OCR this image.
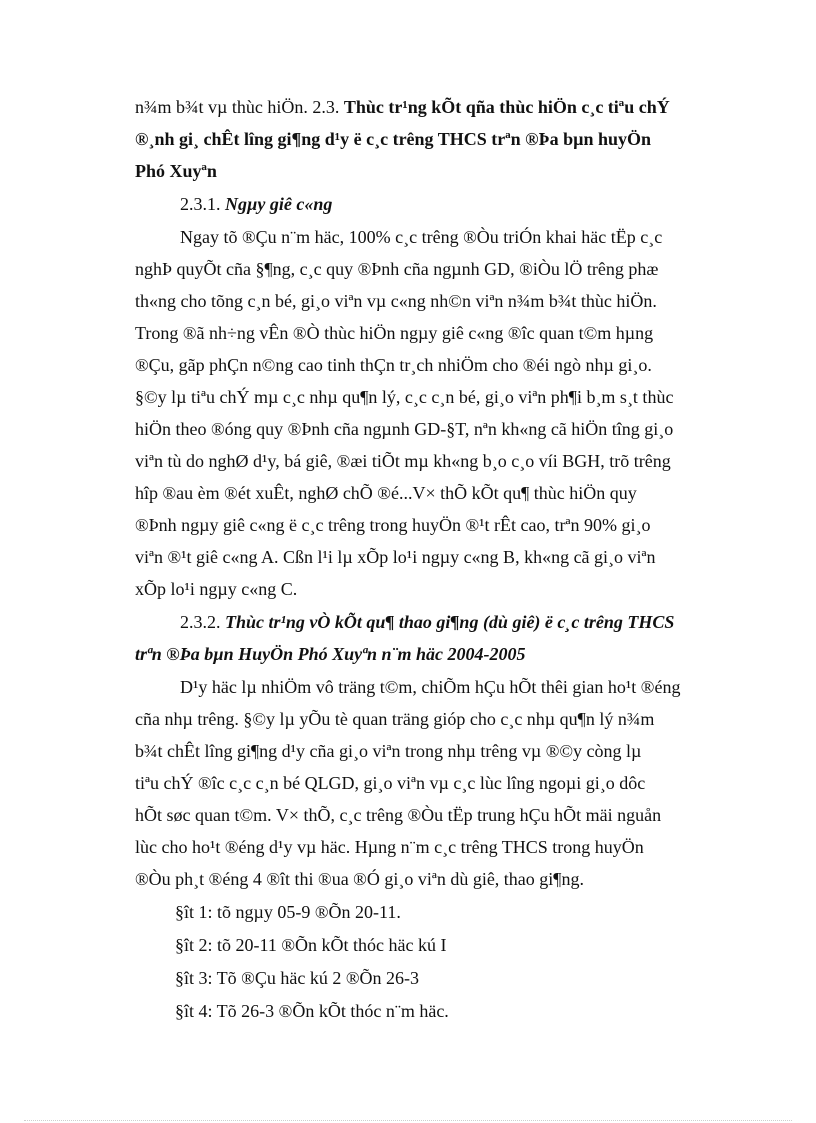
n¾m b¾t vµ thùc hiÖn. 2.3. Thùc tr¹ng kÕt qña thùc hiÖn c¸c tiªu chÝ
®¸nh gi¸ chÊt lîng gi¶ng d¹y ë c¸c trêng THCS trªn ®Þa bµn huyÖn
Phó Xuyªn
2.3.1. Ngµy giê c«ng
Ngay tõ ®Çu n¨m häc, 100% c¸c trêng ®Òu triÓn khai häc tËp c¸c
nghÞ quyÕt cña §¶ng, c¸c quy ®Þnh cña ngµnh GD, ®iÒu lÖ trêng phæ
th«ng cho tõng c¸n bé, gi¸o viªn vµ c«ng nh©n viªn n¾m b¾t thùc hiÖn.
Trong ®ã nh÷ng vÊn ®Ò thùc hiÖn ngµy giê c«ng ®îc quan t©m hµng
®Çu, gãp phÇn n©ng cao tinh thÇn tr¸ch nhiÖm cho ®éi ngò nhµ gi¸o.
§©y lµ tiªu chÝ mµ c¸c nhµ qu¶n lý, c¸c c¸n bé, gi¸o viªn ph¶i b¸m s¸t thùc
hiÖn theo ®óng quy ®Þnh cña ngµnh GD-§T, nªn kh«ng cã hiÖn tîng gi¸o
viªn tù do nghØ d¹y, bá giê, ®æi tiÕt mµ kh«ng b¸o c¸o víi BGH, trõ trêng
hîp ®au èm ®ét xuÊt, nghØ chÕ ®é...V× thÕ kÕt qu¶ thùc hiÖn quy
®Þnh ngµy giê c«ng ë c¸c trêng trong huyÖn ®¹t rÊt cao, trªn 90% gi¸o
viªn ®¹t giê c«ng A. Cßn l¹i lµ xÕp lo¹i ngµy c«ng B, kh«ng cã gi¸o viªn
xÕp lo¹i ngµy c«ng C.
2.3.2. Thùc tr¹ng vÒ kÕt qu¶ thao gi¶ng (dù giê) ë c¸c trêng THCS
trªn ®Þa bµn HuyÖn Phó Xuyªn n¨m häc 2004-2005
D¹y häc lµ nhiÖm vô träng t©m, chiÕm hÇu hÕt thêi gian ho¹t ®éng
cña nhµ trêng. §©y lµ yÕu tè quan träng gióp cho c¸c nhµ qu¶n lý n¾m
b¾t chÊt lîng gi¶ng d¹y cña gi¸o viªn trong nhµ trêng vµ ®©y còng lµ
tiªu chÝ ®îc c¸c c¸n bé QLGD, gi¸o viªn vµ c¸c lùc lîng ngoµi gi¸o dôc
hÕt søc quan t©m. V× thÕ, c¸c trêng ®Òu tËp trung hÇu hÕt mäi nguån
lùc cho ho¹t ®éng d¹y vµ häc. Hµng n¨m c¸c trêng THCS trong huyÖn
®Òu ph¸t ®éng 4 ®ît thi ®ua ®Ó gi¸o viªn dù giê, thao gi¶ng.
§ît 1: tõ ngµy 05-9 ®Õn 20-11.
§ît 2: tõ 20-11 ®Õn kÕt thóc häc kú I
§ît 3: Tõ ®Çu häc kú 2 ®Õn 26-3
§ît 4: Tõ 26-3 ®Õn kÕt thóc n¨m häc.
